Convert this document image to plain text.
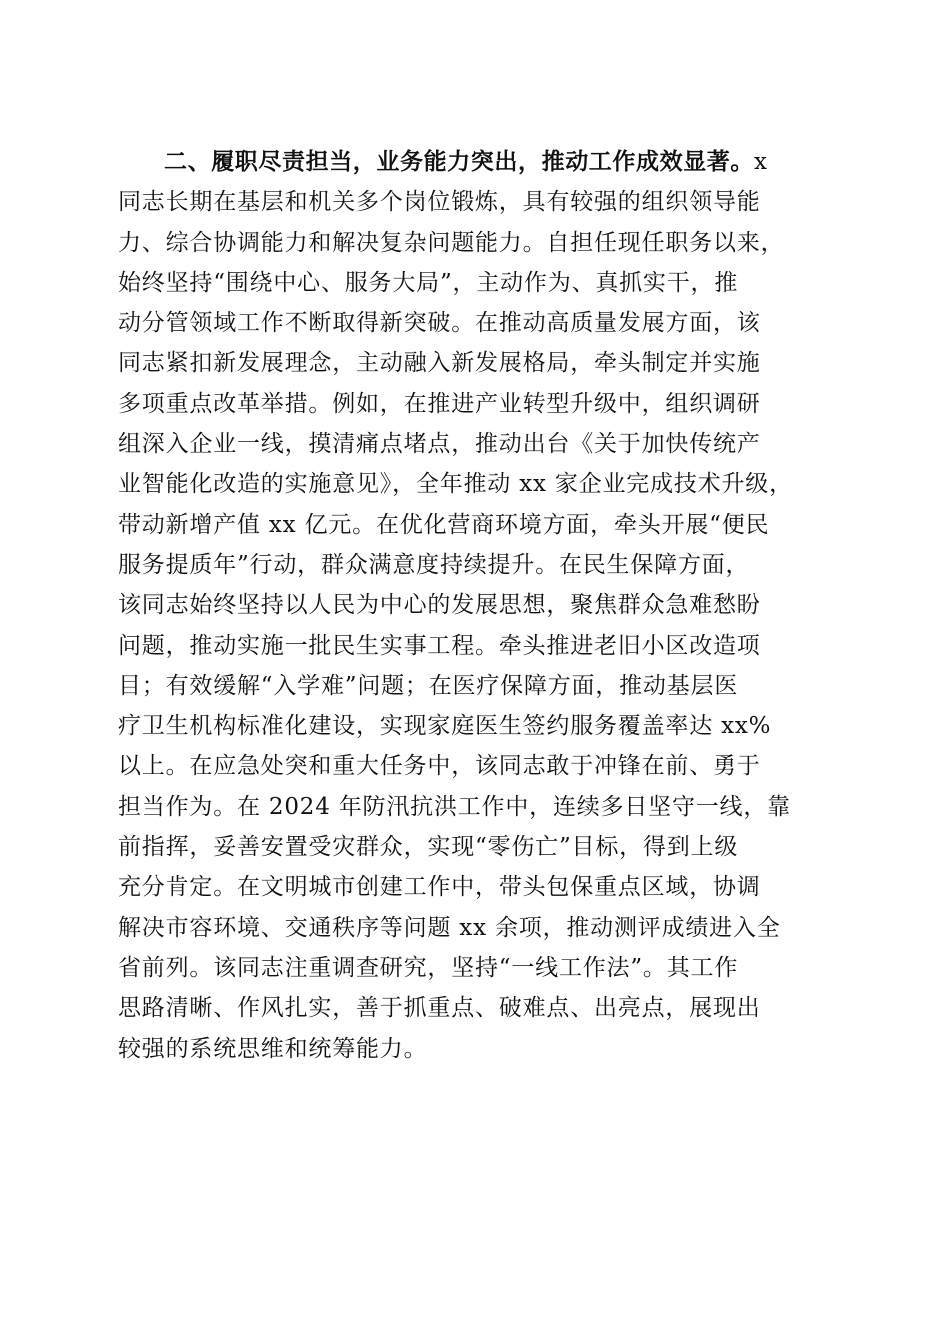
二、履职尽责担当，业务能力突出，推动工作成效显著。x
同志长期在基层和机关多个岗位锻炼，具有较强的组织领导能
力、综合协调能力和解决复杂问题能力。自担任现任职务以来，
始终坚持“围绕中心、服务大局”，主动作为、真抓实干，推
动分管领域工作不断取得新突破。在推动高质量发展方面，该
同志紧扣新发展理念，主动融入新发展格局，牵头制定并实施
多项重点改革举措。例如，在推进产业转型升级中，组织调研
组深入企业一线，摸清痛点堵点，推动出台《关于加快传统产
业智能化改造的实施意见》，全年推动 xx 家企业完成技术升级，
带动新增产值 xx 亿元。在优化营商环境方面，牵头开展“便民
服务提质年”行动，群众满意度持续提升。在民生保障方面，
该同志始终坚持以人民为中心的发展思想，聚焦群众急难愁盼
问题，推动实施一批民生实事工程。牵头推进老旧小区改造项
目；有效缓解“入学难”问题；在医疗保障方面，推动基层医
疗卫生机构标准化建设，实现家庭医生签约服务覆盖率达 xx%
以上。在应急处突和重大任务中，该同志敢于冲锋在前、勇于
担当作为。在 2024 年防汛抗洪工作中，连续多日坚守一线，靠
前指挥，妥善安置受灾群众，实现“零伤亡”目标，得到上级
充分肯定。在文明城市创建工作中，带头包保重点区域，协调
解决市容环境、交通秩序等问题 xx 余项，推动测评成绩进入全
省前列。该同志注重调查研究，坚持“一线工作法”。其工作
思路清晰、作风扎实，善于抓重点、破难点、出亮点，展现出
较强的系统思维和统筹能力。
